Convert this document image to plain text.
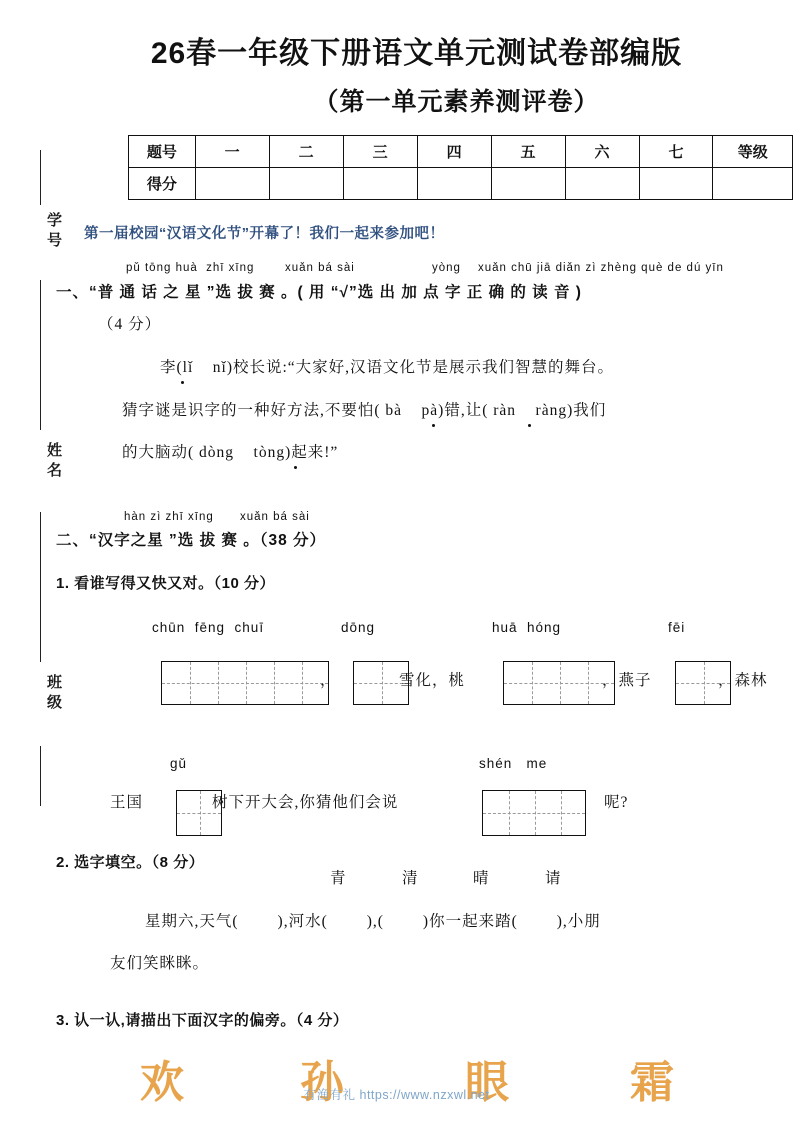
学号
姓名
班级
26春一年级下册语文单元测试卷部编版
（第一单元素养测评卷）
题号	一	二	三	四	五	六	七	等级
得分								
第一届校园“汉语文化节”开幕了！我们一起来参加吧！
pǔ tōng huà  zhī xīng	xuǎn bá sài	yòng xuǎn chū jiā diǎn zì zhèng què de dú yīn
一、“普 通 话 之 星 ”选 拔 赛 。( 用 “√”选 出 加 点 字 正 确 的 读 音 )
（4 分）
李(lǐ    nǐ)校长说:“大家好,汉语文化节是展示我们智慧的舞台。
猜字谜是识字的一种好方法,不要怕( bà    pà)错,让( ràn    ràng)我们
的大脑动( dòng    tòng)起来!”
hàn zì zhī xīng xuǎn bá sài
二、“汉字之星 ”选 拔 赛 。（38 分）
1. 看谁写得又快又对。（10 分）
chūn  fēng  chuī	dōng	huā  hóng	fēi

，

	雪化，桃

	，燕子

	，森林
gǔ	shén   me
王国

	树下开大会,你猜他们会说

	呢?
2. 选字填空。（8 分）
青	清	晴	请
星期六,天气(        ),河水(        ),(        )你一起来踏(        ),小朋
友们笑眯眯。
3. 认一认,请描出下面汉字的偏旁。（4 分）
欢	孙	眼	霜
有渔有礼 https://www.nzxwl.net
